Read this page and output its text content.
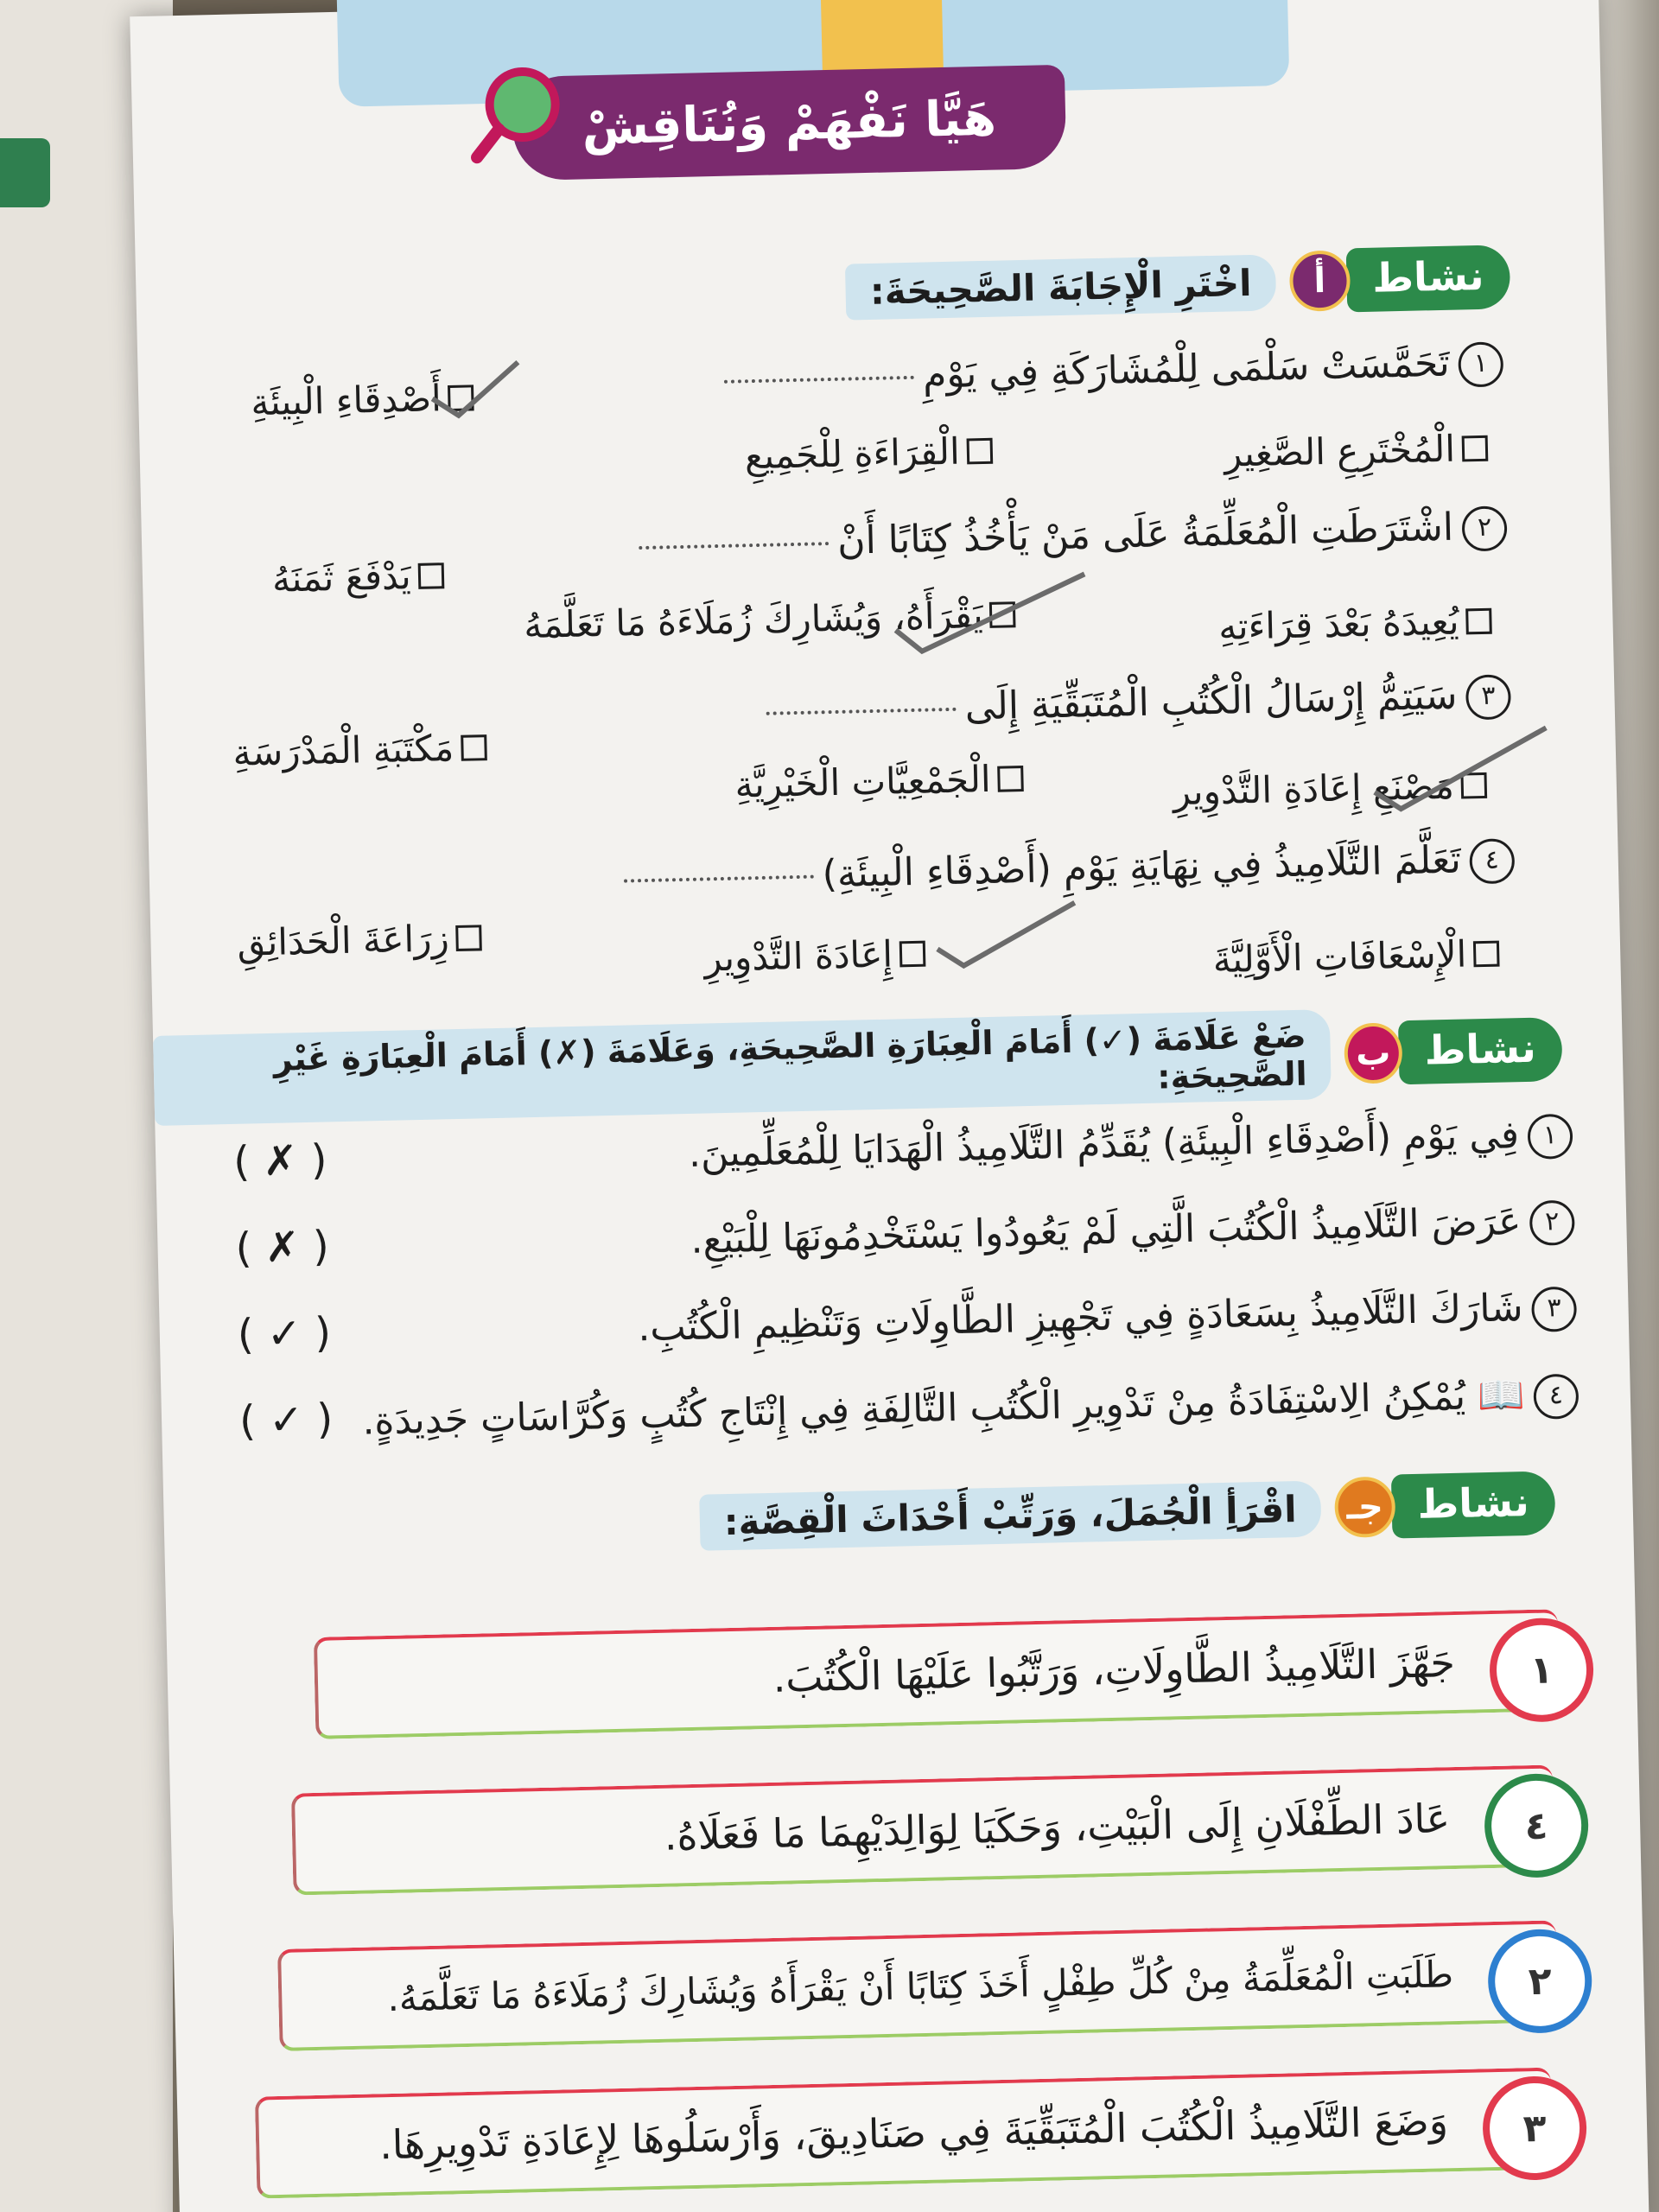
هَيَّا نَفْهَمْ وَنُنَاقِشْ
نشاط
أ
اخْتَرِ الْإِجَابَةَ الصَّحِيحَةَ:
١تَحَمَّسَتْ سَلْمَى لِلْمُشَارَكَةِ فِي يَوْمِ
أَصْدِقَاءِ الْبِيئَةِ
الْقِرَاءَةِ لِلْجَمِيعِ	الْمُخْتَرِعِ الصَّغِيرِ
٢اشْتَرَطَتِ الْمُعَلِّمَةُ عَلَى مَنْ يَأْخُذُ كِتَابًا أَنْ
يَدْفَعَ ثَمَنَهُ
يَقْرَأَهُ، وَيُشَارِكَ زُمَلَاءَهُ مَا تَعَلَّمَهُ	يُعِيدَهُ بَعْدَ قِرَاءَتِهِ
٣سَيَتِمُّ إِرْسَالُ الْكُتُبِ الْمُتَبَقِّيَةِ إِلَى
مَكْتَبَةِ الْمَدْرَسَةِ
الْجَمْعِيَّاتِ الْخَيْرِيَّةِ	مَصْنَعِ إِعَادَةِ التَّدْوِيرِ
٤تَعَلَّمَ التَّلَامِيذُ فِي نِهَايَةِ يَوْمِ (أَصْدِقَاءِ الْبِيئَةِ)
زِرَاعَةَ الْحَدَائِقِ	إِعَادَةَ التَّدْوِيرِ	الْإِسْعَافَاتِ الْأَوَّلِيَّةَ
نشاط
ب
ضَعْ عَلَامَةَ (✓) أَمَامَ الْعِبَارَةِ الصَّحِيحَةِ، وَعَلَامَةَ (✗) أَمَامَ الْعِبَارَةِ غَيْرِ الصَّحِيحَةِ:
١فِي يَوْمِ (أَصْدِقَاءِ الْبِيئَةِ) يُقَدِّمُ التَّلَامِيذُ الْهَدَايَا لِلْمُعَلِّمِينَ.
( ✗ )
٢عَرَضَ التَّلَامِيذُ الْكُتُبَ الَّتِي لَمْ يَعُودُوا يَسْتَخْدِمُونَهَا لِلْبَيْعِ.
( ✗ )
٣شَارَكَ التَّلَامِيذُ بِسَعَادَةٍ فِي تَجْهِيزِ الطَّاوِلَاتِ وَتَنْظِيمِ الْكُتُبِ.
( ✓ )
٤📖 يُمْكِنُ الِاسْتِفَادَةُ مِنْ تَدْوِيرِ الْكُتُبِ التَّالِفَةِ فِي إِنْتَاجِ كُتُبٍ وَكُرَّاسَاتٍ جَدِيدَةٍ.
( ✓ )
نشاط
جـ
اقْرَأِ الْجُمَلَ، وَرَتِّبْ أَحْدَاثَ الْقِصَّةِ:
١
جَهَّزَ التَّلَامِيذُ الطَّاوِلَاتِ، وَرَتَّبُوا عَلَيْهَا الْكُتُبَ.
٤
عَادَ الطِّفْلَانِ إِلَى الْبَيْتِ، وَحَكَيَا لِوَالِدَيْهِمَا مَا فَعَلَاهُ.
٢
طَلَبَتِ الْمُعَلِّمَةُ مِنْ كُلِّ طِفْلٍ أَخَذَ كِتَابًا أَنْ يَقْرَأَهُ وَيُشَارِكَ زُمَلَاءَهُ مَا تَعَلَّمَهُ.
٣
وَضَعَ التَّلَامِيذُ الْكُتُبَ الْمُتَبَقِّيَةَ فِي صَنَادِيقَ، وَأَرْسَلُوهَا لِإِعَادَةِ تَدْوِيرِهَا.
